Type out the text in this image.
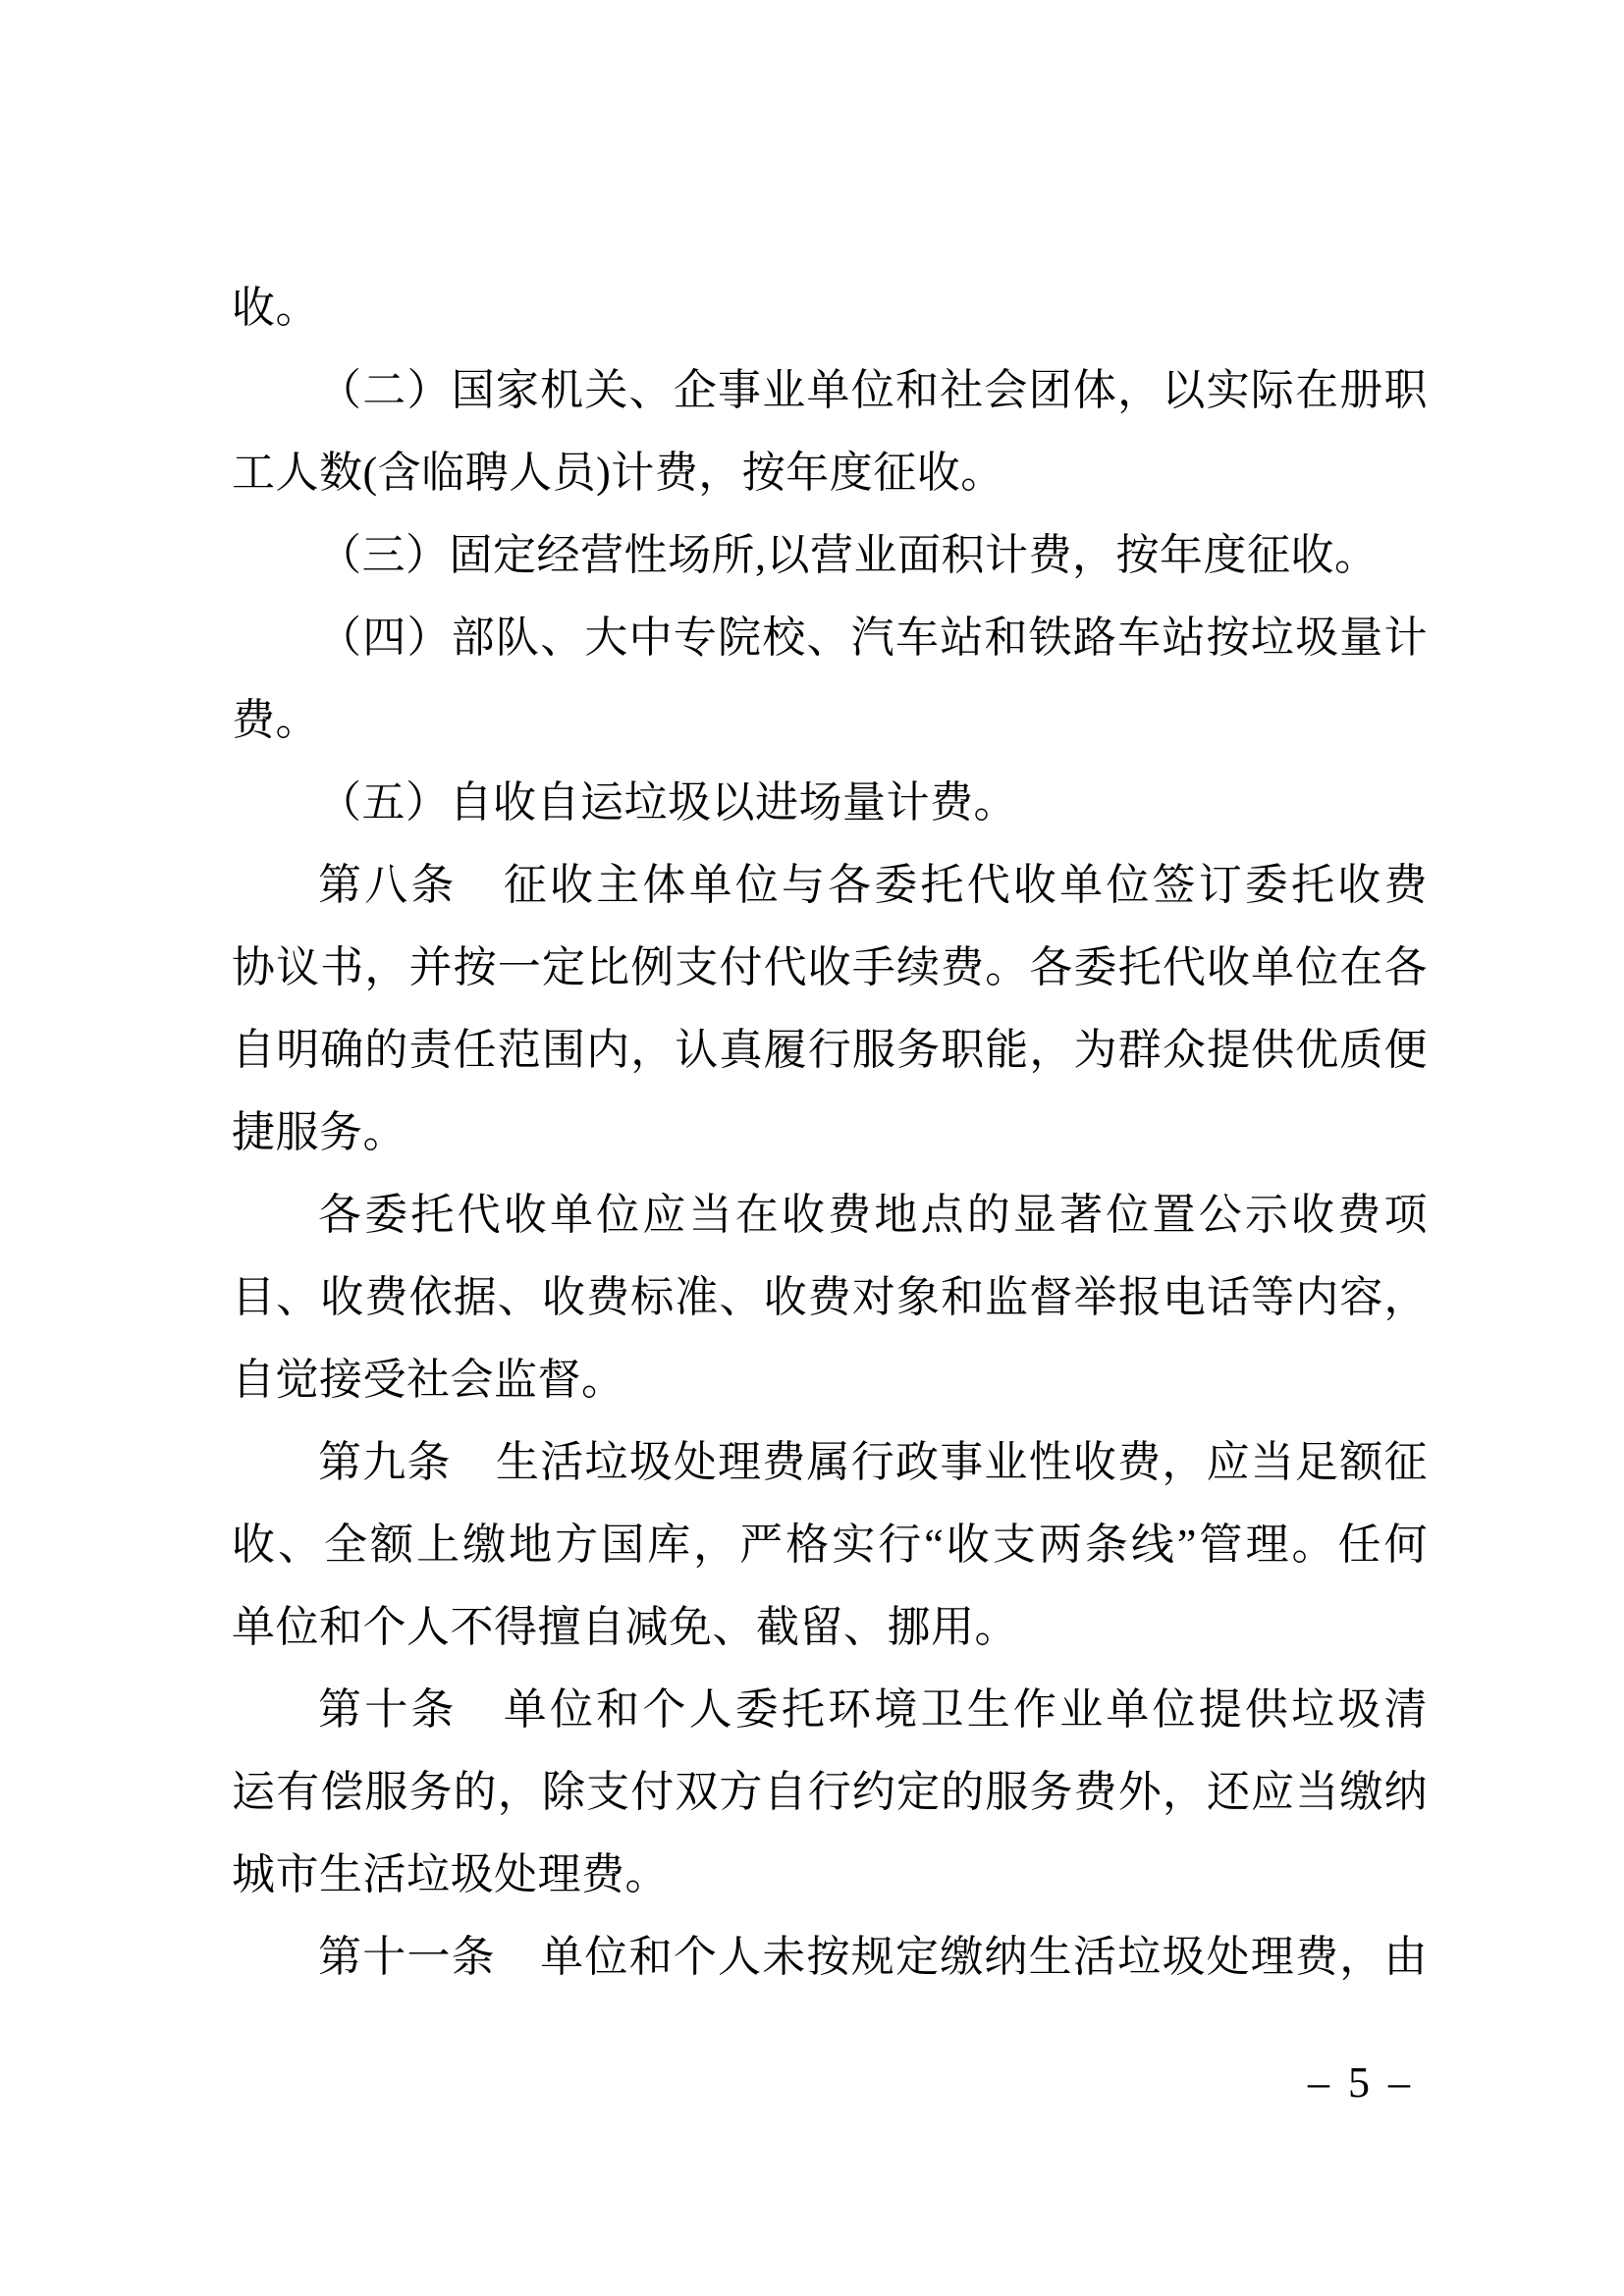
收。
（二）国家机关、企事业单位和社会团体，以实际在册职
工人数(含临聘人员)计费，按年度征收。
（三）固定经营性场所,以营业面积计费，按年度征收。
（四）部队、大中专院校、汽车站和铁路车站按垃圾量计
费。
（五）自收自运垃圾以进场量计费。
第八条　征收主体单位与各委托代收单位签订委托收费
协议书，并按一定比例支付代收手续费。各委托代收单位在各
自明确的责任范围内，认真履行服务职能，为群众提供优质便
捷服务。
各委托代收单位应当在收费地点的显著位置公示收费项
目、收费依据、收费标准、收费对象和监督举报电话等内容，
自觉接受社会监督。
第九条　生活垃圾处理费属行政事业性收费，应当足额征
收、全额上缴地方国库，严格实行“收支两条线”管理。任何
单位和个人不得擅自减免、截留、挪用。
第十条　单位和个人委托环境卫生作业单位提供垃圾清
运有偿服务的，除支付双方自行约定的服务费外，还应当缴纳
城市生活垃圾处理费。
第十一条　单位和个人未按规定缴纳生活垃圾处理费，由
– 5 –
